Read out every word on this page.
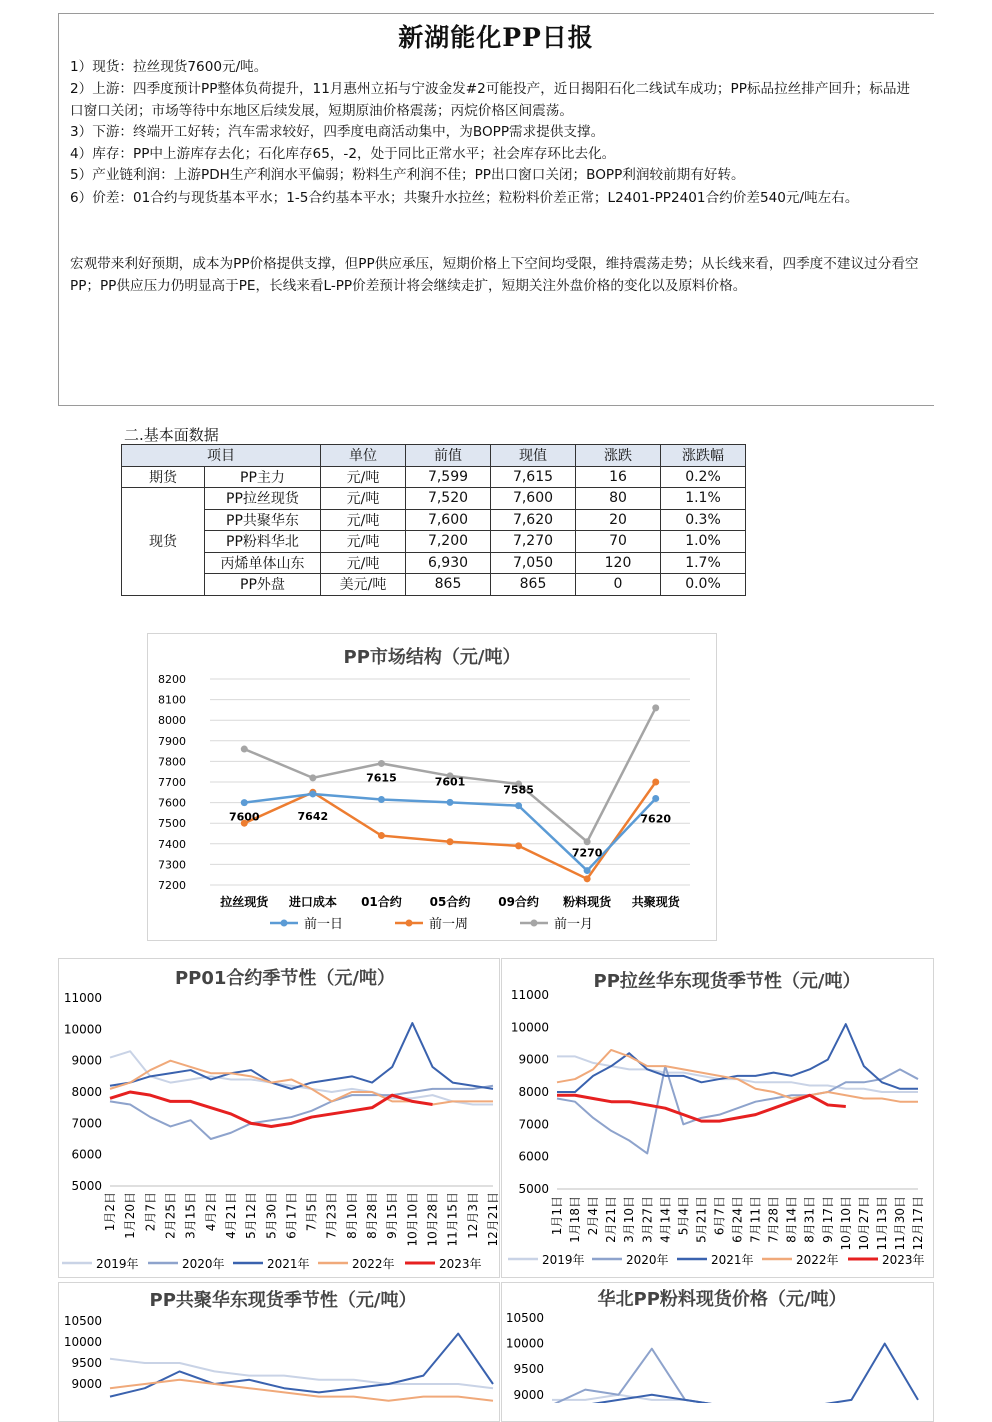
新湖能化PP日报
1）现货：拉丝现货7600元/吨。
2）上游：四季度预计PP整体负荷提升，11月惠州立拓与宁波金发#2可能投产，近日揭阳石化二线试车成功；PP标品拉丝排产回升；标品进口窗口关闭；市场等待中东地区后续发展，短期原油价格震荡；丙烷价格区间震荡。
3）下游：终端开工好转；汽车需求较好，四季度电商活动集中，为BOPP需求提供支撑。
4）库存：PP中上游库存去化；石化库存65，-2，处于同比正常水平；社会库存环比去化。
5）产业链利润：上游PDH生产利润水平偏弱；粉料生产利润不佳；PP出口窗口关闭；BOPP利润较前期有好转。
6）价差：01合约与现货基本平水；1-5合约基本平水；共聚升水拉丝；粒粉料价差正常；L2401-PP2401合约价差540元/吨左右。
宏观带来利好预期，成本为PP价格提供支撑，但PP供应承压，短期价格上下空间均受限，维持震荡走势；从长线来看，四季度不建议过分看空PP；PP供应压力仍明显高于PE，长线来看L-PP价差预计将会继续走扩，短期关注外盘价格的变化以及原料价格。
二.基本面数据
项目		单位	前值	现值	涨跌	涨跌幅
期货	PP主力	元/吨	7,599	7,615	16	0.2%
现货	PP拉丝现货	元/吨	7,520	7,600	80	1.1%
	PP共聚华东	元/吨	7,600	7,620	20	0.3%
	PP粉料华北	元/吨	7,200	7,270	70	1.0%
	丙烯单体山东	元/吨	6,930	7,050	120	1.7%
	PP外盘	美元/吨	865	865	0	0.0%
PP市场结构（元/吨）
7200
7300
7400
7500
7600
7700
7800
7900
8000
8100
8200
拉丝现货 进口成本 01合约 05合约 09合约 粉料现货 共聚现货
7600	7642
7615	7601
7585
7270
7620
前一日	前一周	前一月
PP01合约季节性（元/吨）
5000
6000
7000
8000
9000
10000
11000
1月2日 1月20日 2月7日 2月25日 3月15日 4月2日 4月21日 5月12日 5月30日 6月17日 7月5日 7月23日 8月10日 8月28日 9月15日 10月10日 10月28日 11月15日 12月3日 12月21日
2019年	2020年	2021年	2022年	2023年
PP拉丝华东现货季节性（元/吨）
5000
6000
7000
8000
9000
10000
11000
1月1日 1月18日 2月4日 2月21日 3月10日 3月27日 4月14日 5月4日 5月21日 6月7日 6月24日 7月11日 7月28日 8月14日 8月31日 9月17日 10月10日 10月27日 11月13日 11月30日 12月17日
2019年	2020年	2021年	2022年	2023年
PP共聚华东现货季节性（元/吨）
9000
9500
10000
10500
华北PP粉料现货价格（元/吨）
9000
9500
10000
10500
